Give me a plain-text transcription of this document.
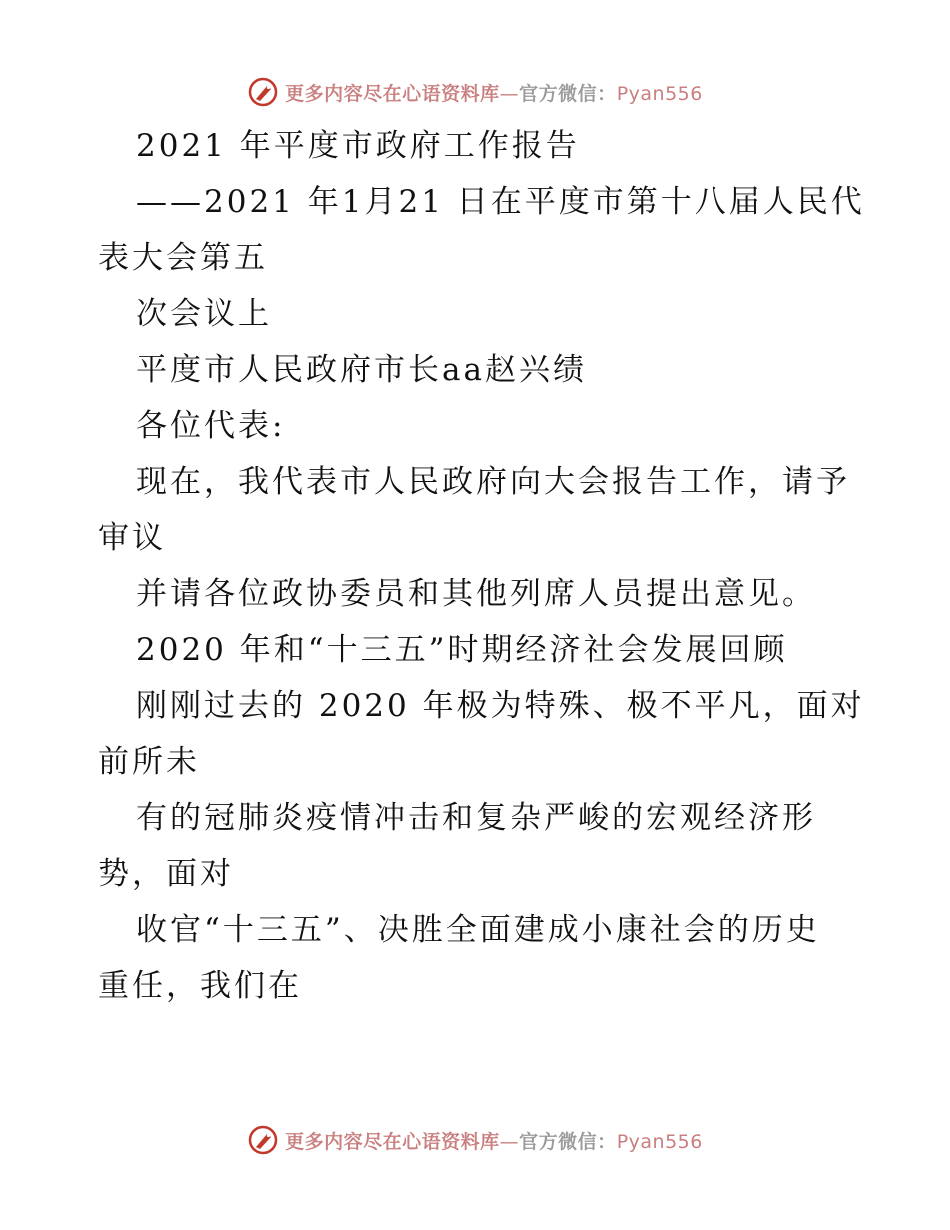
更多内容尽在心语资料库—官方微信：Pyan556

2021 年平度市政府工作报告

——2021 年1月21 日在平度市第十八届人民代

表大会第五

次会议上

平度市人民政府市长aa赵兴绩

各位代表:

现在，我代表市人民政府向大会报告工作，请予

审议

并请各位政协委员和其他列席人员提出意见。

2020 年和“十三五”时期经济社会发展回顾

刚刚过去的 2020 年极为特殊、极不平凡，面对

前所未

有的冠肺炎疫情冲击和复杂严峻的宏观经济形

势，面对

收官“十三五”、决胜全面建成小康社会的历史

重任，我们在

更多内容尽在心语资料库—官方微信：Pyan556
